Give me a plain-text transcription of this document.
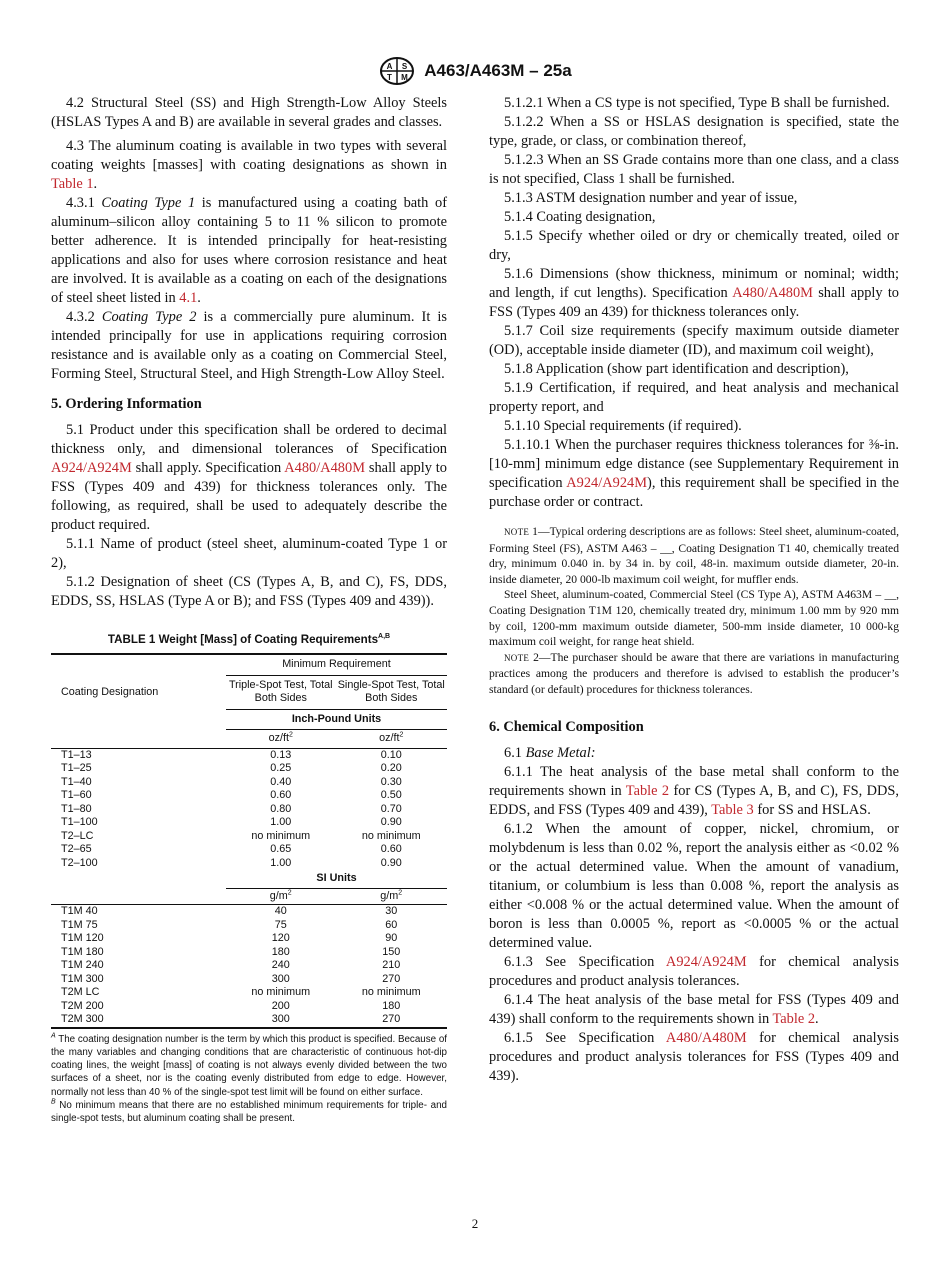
A S
T M A463/A463M – 25a

4.2 Structural Steel (SS) and High Strength-Low Alloy Steels (HSLAS Types A and B) are available in several grades and classes.

4.3 The aluminum coating is available in two types with several coating weights [masses] with coating designations as shown in Table 1.

4.3.1 Coating Type 1 is manufactured using a coating bath of aluminum–silicon alloy containing 5 to 11 % silicon to promote better adherence. It is intended principally for heat-resisting applications and also for uses where corrosion resistance and heat are involved. It is available as a coating on each of the designations of steel sheet listed in 4.1.

4.3.2 Coating Type 2 is a commercially pure aluminum. It is intended principally for use in applications requiring corrosion resistance and is available only as a coating on Commercial Steel, Forming Steel, Structural Steel, and High Strength-Low Alloy Steel.

5. Ordering Information

5.1 Product under this specification shall be ordered to decimal thickness only, and dimensional tolerances of Specification A924/A924M shall apply. Specification A480/A480M shall apply to FSS (Types 409 and 439) for thickness tolerances only. The following, as required, shall be used to adequately describe the product required.

5.1.1 Name of product (steel sheet, aluminum-coated Type 1 or 2),

5.1.2 Designation of sheet (CS (Types A, B, and C), FS, DDS, EDDS, SS, HSLAS (Type A or B); and FSS (Types 409 and 439)).

TABLE 1 Weight [Mass] of Coating Requirements$^{A,B}$
Coating Designation	Minimum Requirement	
	Triple-Spot Test, Total Both Sides	Single-Spot Test, Total Both Sides
	Inch-Pound Units	
	$oz/ft^2$	$oz/ft^2$
T1–13	0.13	0.10
T1–25	0.25	0.20
T1–40	0.40	0.30
T1–60	0.60	0.50
T1–80	0.80	0.70
T1–100	1.00	0.90
T2–LC	no minimum	no minimum
T2–65	0.65	0.60
T2–100	1.00	0.90
	SI Units	
	$g/m^2$	$g/m^2$
T1M 40	40	30
T1M 75	75	60
T1M 120	120	90
T1M 180	180	150
T1M 240	240	210
T1M 300	300	270
T2M LC	no minimum	no minimum
T2M 200	200	180
T2M 300	300	270

$^A$ The coating designation number is the term by which this product is specified. Because of the many variables and changing conditions that are characteristic of continuous hot-dip coating lines, the weight [mass] of coating is not always evenly divided between the two surfaces of a sheet, nor is the coating evenly distributed from edge to edge. However, normally not less than 40 % of the single-spot test limit will be found on either surface.

$^B$ No minimum means that there are no established minimum requirements for triple- and single-spot tests, but aluminum coating shall be present.

5.1.2.1 When a CS type is not specified, Type B shall be furnished.

5.1.2.2 When a SS or HSLAS designation is specified, state the type, grade, or class, or combination thereof,

5.1.2.3 When an SS Grade contains more than one class, and a class is not specified, Class 1 shall be furnished.

5.1.3 ASTM designation number and year of issue,

5.1.4 Coating designation,

5.1.5 Specify whether oiled or dry or chemically treated, oiled or dry,

5.1.6 Dimensions (show thickness, minimum or nominal; width; and length, if cut lengths). Specification A480/A480M shall apply to FSS (Types 409 an 439) for thickness tolerances only.

5.1.7 Coil size requirements (specify maximum outside diameter (OD), acceptable inside diameter (ID), and maximum coil weight),

5.1.8 Application (show part identification and description),

5.1.9 Certification, if required, and heat analysis and mechanical property report, and

5.1.10 Special requirements (if required).

5.1.10.1 When the purchaser requires thickness tolerances for ⅜-in. [10-mm] minimum edge distance (see Supplementary Requirement in specification A924/A924M), this requirement shall be specified in the purchase order or contract.

NOTE 1—Typical ordering descriptions are as follows: Steel sheet, aluminum-coated, Forming Steel (FS), ASTM A463 – __, Coating Designation T1 40, chemically treated dry, minimum 0.040 in. by 34 in. by coil, 48-in. maximum outside diameter, 20-in. inside diameter, 20 000-lb maximum coil weight, for muffler ends.

Steel Sheet, aluminum-coated, Commercial Steel (CS Type A), ASTM A463M – __, Coating Designation T1M 120, chemically treated dry, minimum 1.00 mm by 920 mm by coil, 1200-mm maximum outside diameter, 500-mm inside diameter, 10 000-kg maximum coil weight, for range heat shield.

NOTE 2—The purchaser should be aware that there are variations in manufacturing practices among the producers and therefore is advised to establish the producer’s standard (or default) procedures for thickness tolerances.

6. Chemical Composition

6.1 Base Metal:

6.1.1 The heat analysis of the base metal shall conform to the requirements shown in Table 2 for CS (Types A, B, and C), FS, DDS, EDDS, and FSS (Types 409 and 439), Table 3 for SS and HSLAS.

6.1.2 When the amount of copper, nickel, chromium, or molybdenum is less than 0.02 %, report the analysis either as <0.02 % or the actual determined value. When the amount of vanadium, titanium, or columbium is less than 0.008 %, report the analysis as either <0.008 % or the actual determined value. When the amount of boron is less than 0.0005 %, report as <0.0005 % or the actual determined value.

6.1.3 See Specification A924/A924M for chemical analysis procedures and product analysis tolerances.

6.1.4 The heat analysis of the base metal for FSS (Types 409 and 439) shall conform to the requirements shown in Table 2.

6.1.5 See Specification A480/A480M for chemical analysis procedures and product analysis tolerances for FSS (Types 409 and 439).

2
